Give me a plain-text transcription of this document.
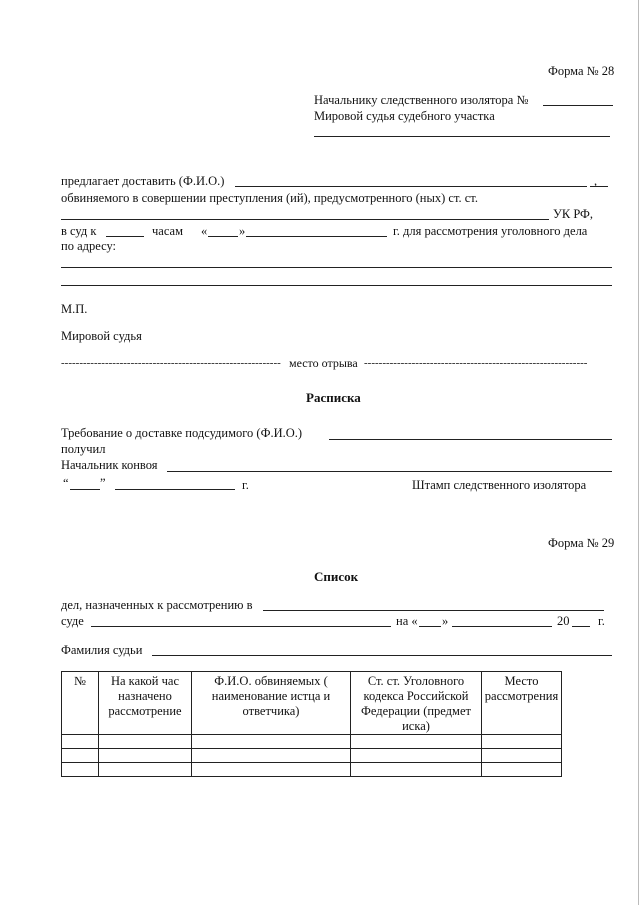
Форма № 28
Начальнику следственного изолятора №
Мировой судья судебного участка
предлагает доставить (Ф.И.О.)	,
обвиняемого в совершении преступления (ий), предусмотренного (ных) ст. ст.
УК РФ,
в суд к	часам «	»	г. для рассмотрения уголовного дела
по адресу:
М.П.
Мировой судья
------------------------------------------------------------ место отрыва -------------------------------------------------------------
Расписка
Требование о доставке подсудимого (Ф.И.О.)
получил
Начальник конвоя
“	”	г.	Штамп следственного изолятора
Форма № 29
Список
дел, назначенных к рассмотрению в
суде	на « »	20 г.
Фамилия судьи
№	На какой час назначено рассмотрение	Ф.И.О. обвиняемых ( наименование истца и ответчика)	Ст. ст. Уголовного кодекса Российской Федерации (предмет иска)	Место рассмотрения
